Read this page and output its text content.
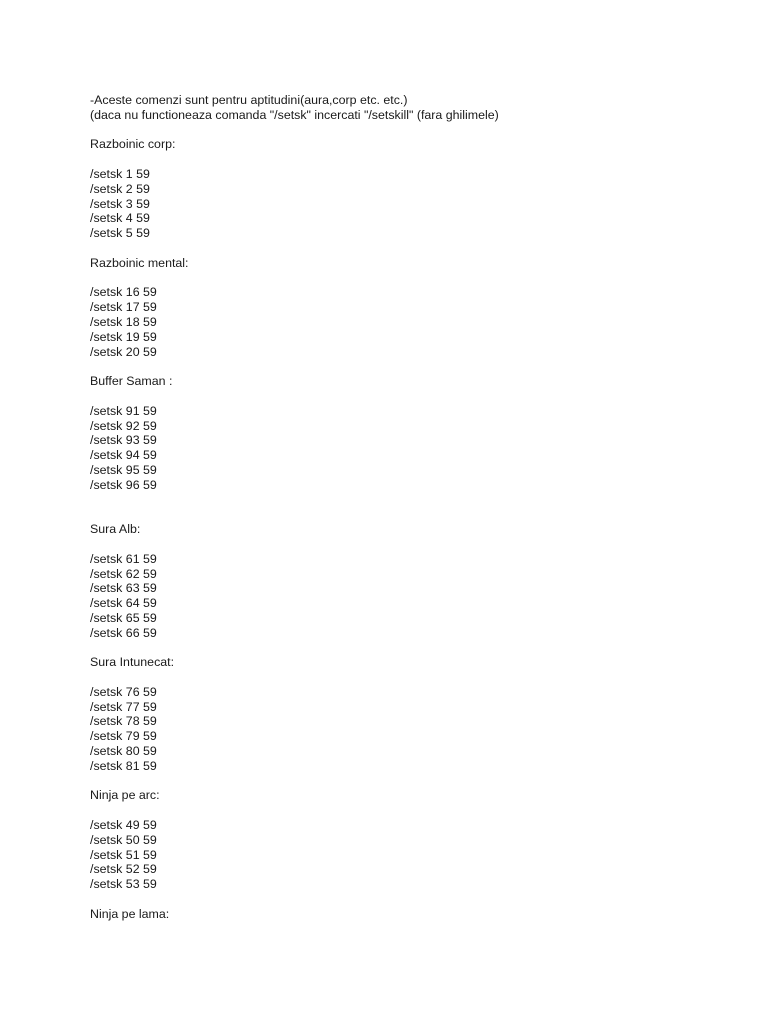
-Aceste comenzi sunt pentru aptitudini(aura,corp etc. etc.)
(daca nu functioneaza comanda "/setsk" incercati "/setskill" (fara ghilimele)
Razboinic corp:
/setsk 1 59
/setsk 2 59
/setsk 3 59
/setsk 4 59
/setsk 5 59
Razboinic mental:
/setsk 16 59
/setsk 17 59
/setsk 18 59
/setsk 19 59
/setsk 20 59
Buffer Saman :
/setsk 91 59
/setsk 92 59
/setsk 93 59
/setsk 94 59
/setsk 95 59
/setsk 96 59
Sura Alb:
/setsk 61 59
/setsk 62 59
/setsk 63 59
/setsk 64 59
/setsk 65 59
/setsk 66 59
Sura Intunecat:
/setsk 76 59
/setsk 77 59
/setsk 78 59
/setsk 79 59
/setsk 80 59
/setsk 81 59
Ninja pe arc:
/setsk 49 59
/setsk 50 59
/setsk 51 59
/setsk 52 59
/setsk 53 59
Ninja pe lama:
